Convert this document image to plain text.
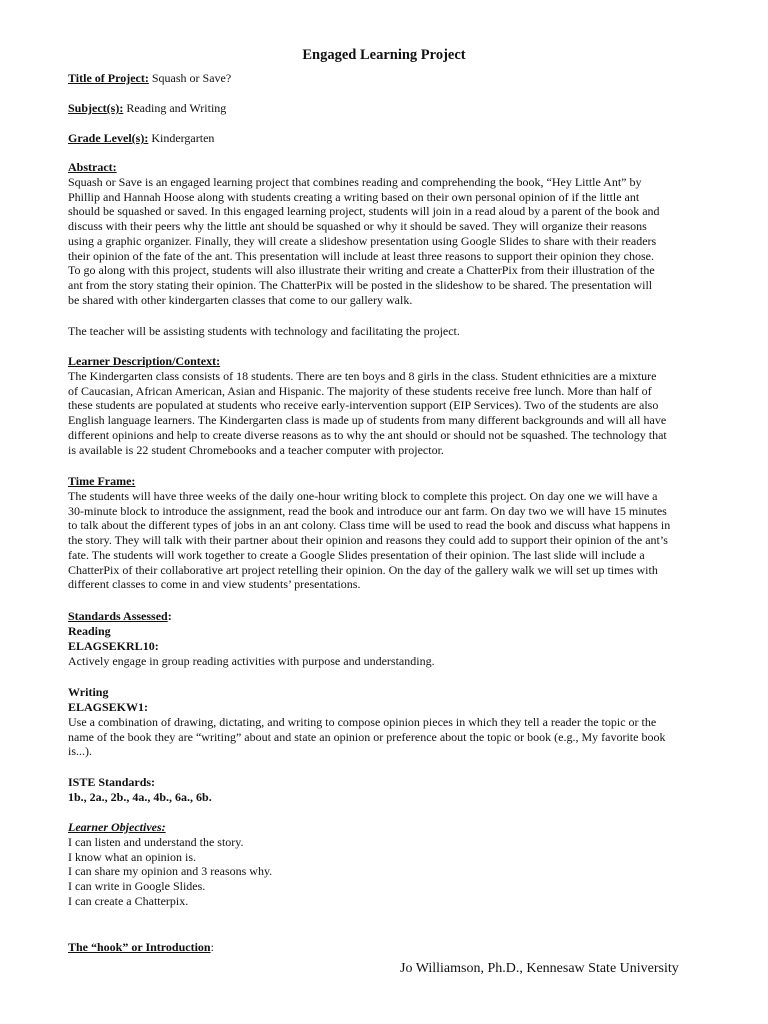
Engaged Learning Project
Title of Project: Squash or Save?
Subject(s): Reading and Writing
Grade Level(s): Kindergarten
Abstract:
Squash or Save is an engaged learning project that combines reading and comprehending the book, “Hey Little Ant” by
Phillip and Hannah Hoose along with students creating a writing based on their own personal opinion of if the little ant
should be squashed or saved. In this engaged learning project, students will join in a read aloud by a parent of the book and
discuss with their peers why the little ant should be squashed or why it should be saved. They will organize their reasons
using a graphic organizer. Finally, they will create a slideshow presentation using Google Slides to share with their readers
their opinion of the fate of the ant. This presentation will include at least three reasons to support their opinion they chose.
To go along with this project, students will also illustrate their writing and create a ChatterPix from their illustration of the
ant from the story stating their opinion. The ChatterPix will be posted in the slideshow to be shared. The presentation will
be shared with other kindergarten classes that come to our gallery walk.
The teacher will be assisting students with technology and facilitating the project.
Learner Description/Context:
The Kindergarten class consists of 18 students. There are ten boys and 8 girls in the class. Student ethnicities are a mixture
of Caucasian, African American, Asian and Hispanic. The majority of these students receive free lunch. More than half of
these students are populated at students who receive early-intervention support (EIP Services). Two of the students are also
English language learners. The Kindergarten class is made up of students from many different backgrounds and will all have
different opinions and help to create diverse reasons as to why the ant should or should not be squashed. The technology that
is available is 22 student Chromebooks and a teacher computer with projector.
Time Frame:
The students will have three weeks of the daily one-hour writing block to complete this project. On day one we will have a
30-minute block to introduce the assignment, read the book and introduce our ant farm. On day two we will have 15 minutes
to talk about the different types of jobs in an ant colony. Class time will be used to read the book and discuss what happens in
the story. They will talk with their partner about their opinion and reasons they could add to support their opinion of the ant’s
fate. The students will work together to create a Google Slides presentation of their opinion. The last slide will include a
ChatterPix of their collaborative art project retelling their opinion. On the day of the gallery walk we will set up times with
different classes to come in and view students’ presentations.
Standards Assessed:
Reading
ELAGSEKRL10:
Actively engage in group reading activities with purpose and understanding.
Writing
ELAGSEKW1:
Use a combination of drawing, dictating, and writing to compose opinion pieces in which they tell a reader the topic or the
name of the book they are “writing” about and state an opinion or preference about the topic or book (e.g., My favorite book
is...).
ISTE Standards:
1b., 2a., 2b., 4a., 4b., 6a., 6b.
Learner Objectives:
I can listen and understand the story.
I know what an opinion is.
I can share my opinion and 3 reasons why.
I can write in Google Slides.
I can create a Chatterpix.
The “hook” or Introduction:
Jo Williamson, Ph.D., Kennesaw State University
